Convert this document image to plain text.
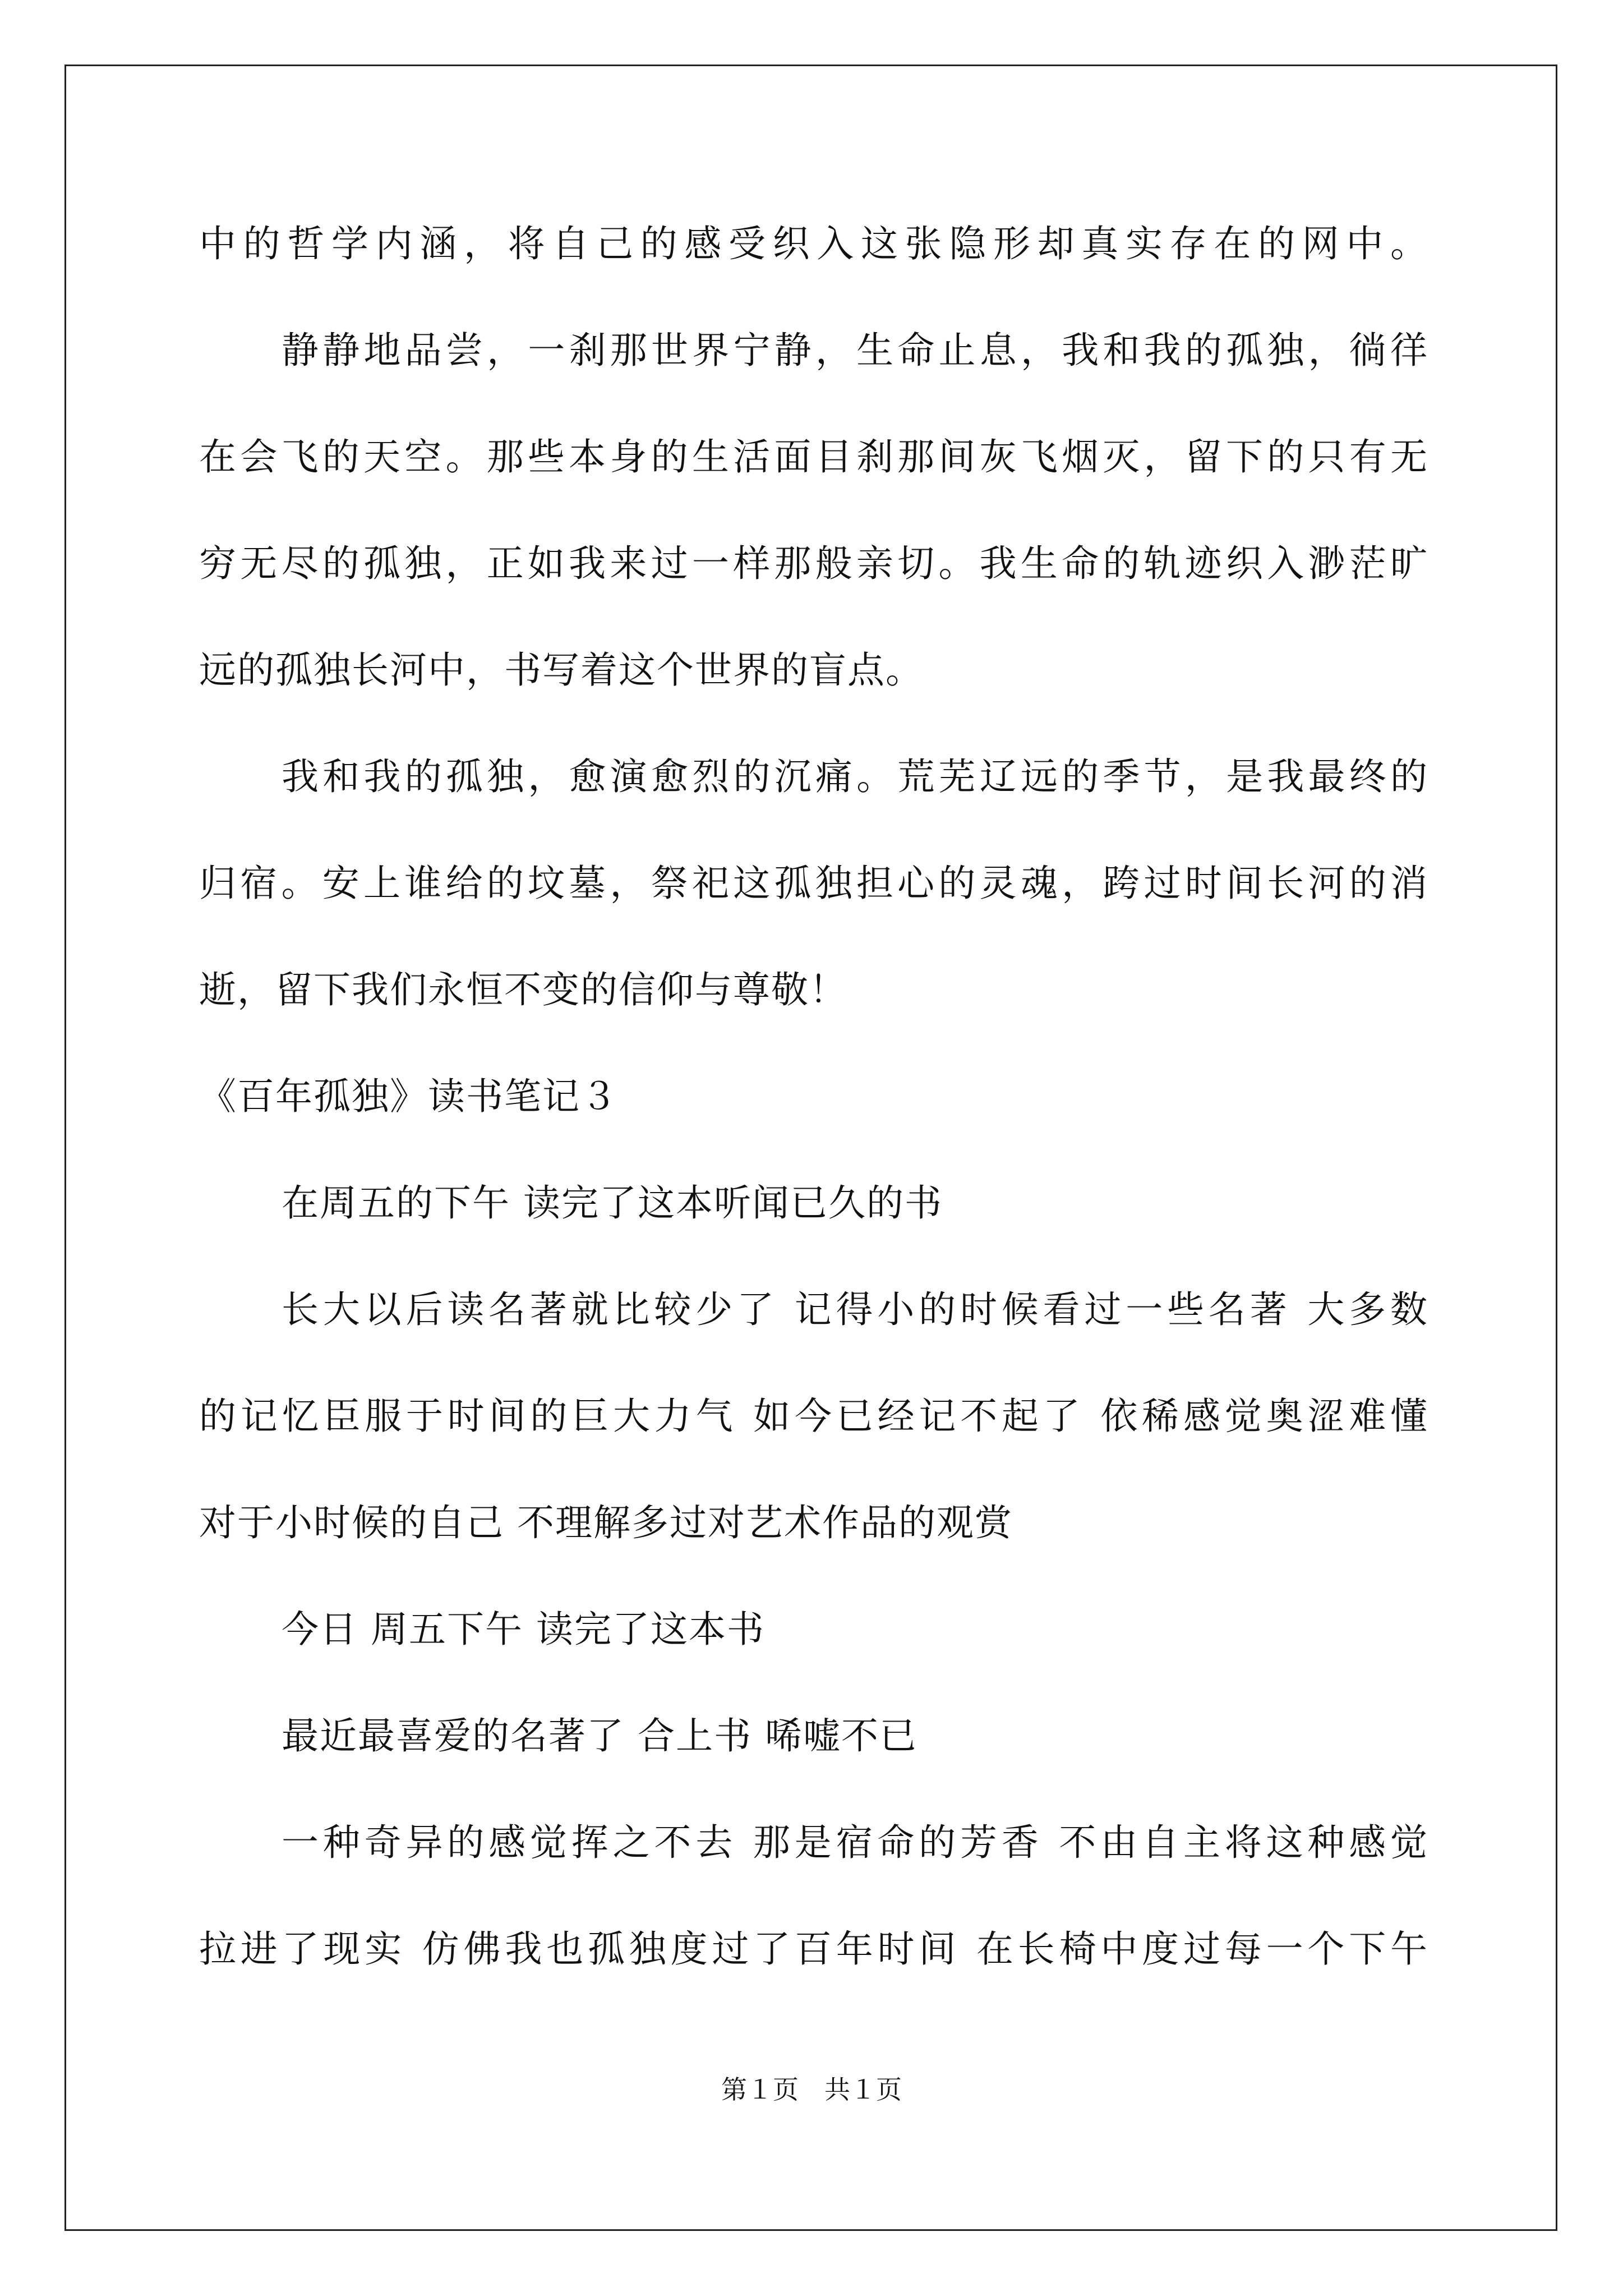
中的哲学内涵，将自己的感受织入这张隐形却真实存在的网中。
静静地品尝，一刹那世界宁静，生命止息，我和我的孤独，徜徉
在会飞的天空。那些本身的生活面目刹那间灰飞烟灭，留下的只有无
穷无尽的孤独，正如我来过一样那般亲切。我生命的轨迹织入渺茫旷
远的孤独长河中，书写着这个世界的盲点。
我和我的孤独，愈演愈烈的沉痛。荒芜辽远的季节，是我最终的
归宿。安上谁给的坟墓，祭祀这孤独担心的灵魂，跨过时间长河的消
逝，留下我们永恒不变的信仰与尊敬！
《百年孤独》读书笔记３
在周五的下午 读完了这本听闻已久的书
长大以后读名著就比较少了 记得小的时候看过一些名著 大多数
的记忆臣服于时间的巨大力气 如今已经记不起了 依稀感觉奥涩难懂
对于小时候的自己 不理解多过对艺术作品的观赏
今日 周五下午 读完了这本书
最近最喜爱的名著了 合上书 唏嘘不已
一种奇异的感觉挥之不去 那是宿命的芳香 不由自主将这种感觉
拉进了现实 仿佛我也孤独度过了百年时间 在长椅中度过每一个下午
第１页　共１页
